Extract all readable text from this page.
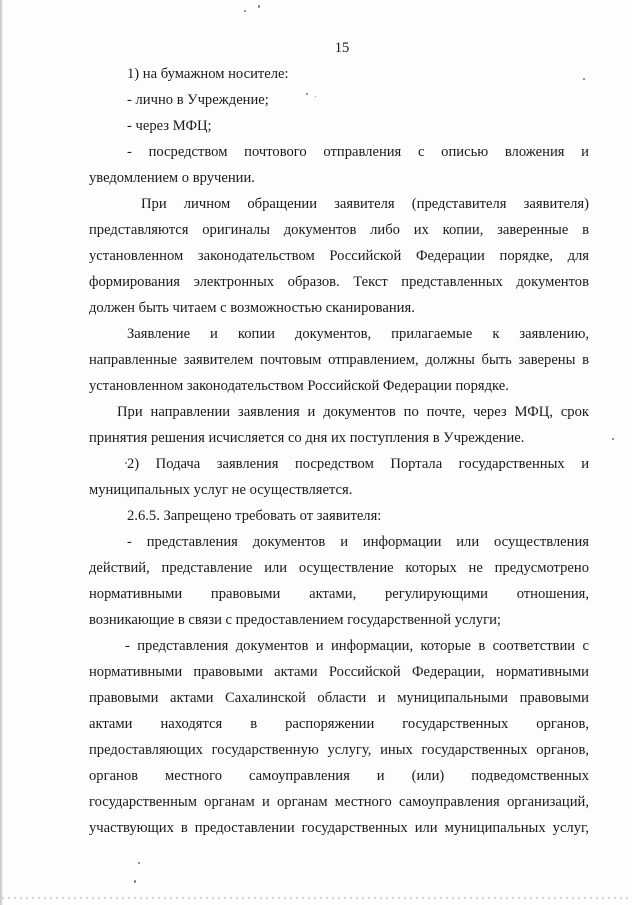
15
1) на бумажном носителе:
- лично в Учреждение;
- через МФЦ;
- посредством почтового отправления с описью вложения и
уведомлением о вручении.
При личном обращении заявителя (представителя заявителя)
представляются оригиналы документов либо их копии, заверенные в
установленном законодательством Российской Федерации порядке, для
формирования электронных образов. Текст представленных документов
должен быть читаем с возможностью сканирования.
Заявление и копии документов, прилагаемые к заявлению,
направленные заявителем почтовым отправлением, должны быть заверены в
установленном законодательством Российской Федерации порядке.
При направлении заявления и документов по почте, через МФЦ, срок
принятия решения исчисляется со дня их поступления в Учреждение.
2) Подача заявления посредством Портала государственных и
муниципальных услуг не осуществляется.
2.6.5. Запрещено требовать от заявителя:
- представления документов и информации или осуществления
действий, представление или осуществление которых не предусмотрено
нормативными правовыми актами, регулирующими отношения,
возникающие в связи с предоставлением государственной услуги;
- представления документов и информации, которые в соответствии с
нормативными правовыми актами Российской Федерации, нормативными
правовыми актами Сахалинской области и муниципальными правовыми
актами находятся в распоряжении государственных органов,
предоставляющих государственную услугу, иных государственных органов,
органов местного самоуправления и (или) подведомственных
государственным органам и органам местного самоуправления организаций,
участвующих в предоставлении государственных или муниципальных услуг,
